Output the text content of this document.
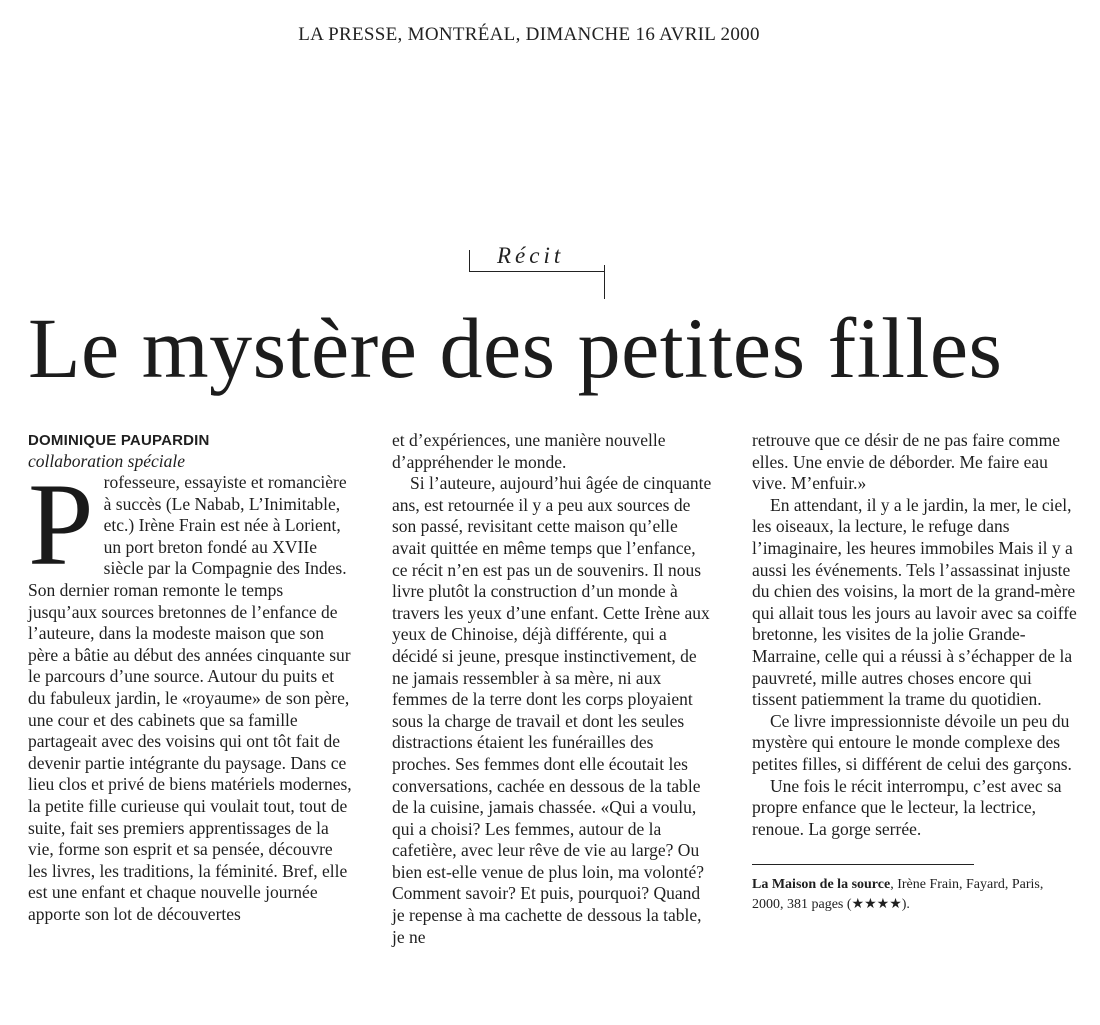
LA PRESSE, MONTRÉAL, DIMANCHE 16 AVRIL 2000
Récit
Le mystère des petites filles

DOMINIQUE PAUPARDIN

collaboration spéciale

P rofesseure, essayiste et romancière à succès (Le Nabab, L’Inimitable, etc.) Irène Frain est née à Lorient, un port breton fondé au XVIIe siècle par la Compagnie des Indes. Son dernier roman remonte le temps jusqu’aux sources bretonnes de l’enfance de l’auteure, dans la modeste maison que son père a bâtie au début des années cinquante sur le parcours d’une source. Autour du puits et du fabuleux jardin, le «royaume» de son père, une cour et des cabinets que sa famille partageait avec des voisins qui ont tôt fait de devenir partie intégrante du paysage. Dans ce lieu clos et privé de biens matériels modernes, la petite fille curieuse qui voulait tout, tout de suite, fait ses premiers apprentissages de la vie, forme son esprit et sa pensée, découvre les livres, les traditions, la féminité. Bref, elle est une enfant et chaque nouvelle journée apporte son lot de découvertes

et d’expériences, une manière nouvelle d’appréhender le monde.

Si l’auteure, aujourd’hui âgée de cinquante ans, est retournée il y a peu aux sources de son passé, revisitant cette maison qu’elle avait quittée en même temps que l’enfance, ce récit n’en est pas un de souvenirs. Il nous livre plutôt la construction d’un monde à travers les yeux d’une enfant. Cette Irène aux yeux de Chinoise, déjà différente, qui a décidé si jeune, presque instinctivement, de ne jamais ressembler à sa mère, ni aux femmes de la terre dont les corps ployaient sous la charge de travail et dont les seules distractions étaient les funérailles des proches. Ses femmes dont elle écoutait les conversations, cachée en dessous de la table de la cuisine, jamais chassée. «Qui a voulu, qui a choisi? Les femmes, autour de la cafetière, avec leur rêve de vie au large? Ou bien est-elle venue de plus loin, ma volonté? Comment savoir? Et puis, pourquoi? Quand je repense à ma cachette de dessous la table, je ne

retrouve que ce désir de ne pas faire comme elles. Une envie de déborder. Me faire eau vive. M’enfuir.»

En attendant, il y a le jardin, la mer, le ciel, les oiseaux, la lecture, le refuge dans l’imaginaire, les heures immobiles Mais il y a aussi les événements. Tels l’assassinat injuste du chien des voisins, la mort de la grand-mère qui allait tous les jours au lavoir avec sa coiffe bretonne, les visites de la jolie Grande-Marraine, celle qui a réussi à s’échapper de la pauvreté, mille autres choses encore qui tissent patiemment la trame du quotidien.

Ce livre impressionniste dévoile un peu du mystère qui entoure le monde complexe des petites filles, si différent de celui des garçons.

Une fois le récit interrompu, c’est avec sa propre enfance que le lecteur, la lectrice, renoue. La gorge serrée.

La Maison de la source, Irène Frain, Fayard, Paris, 2000, 381 pages (★★★★).
